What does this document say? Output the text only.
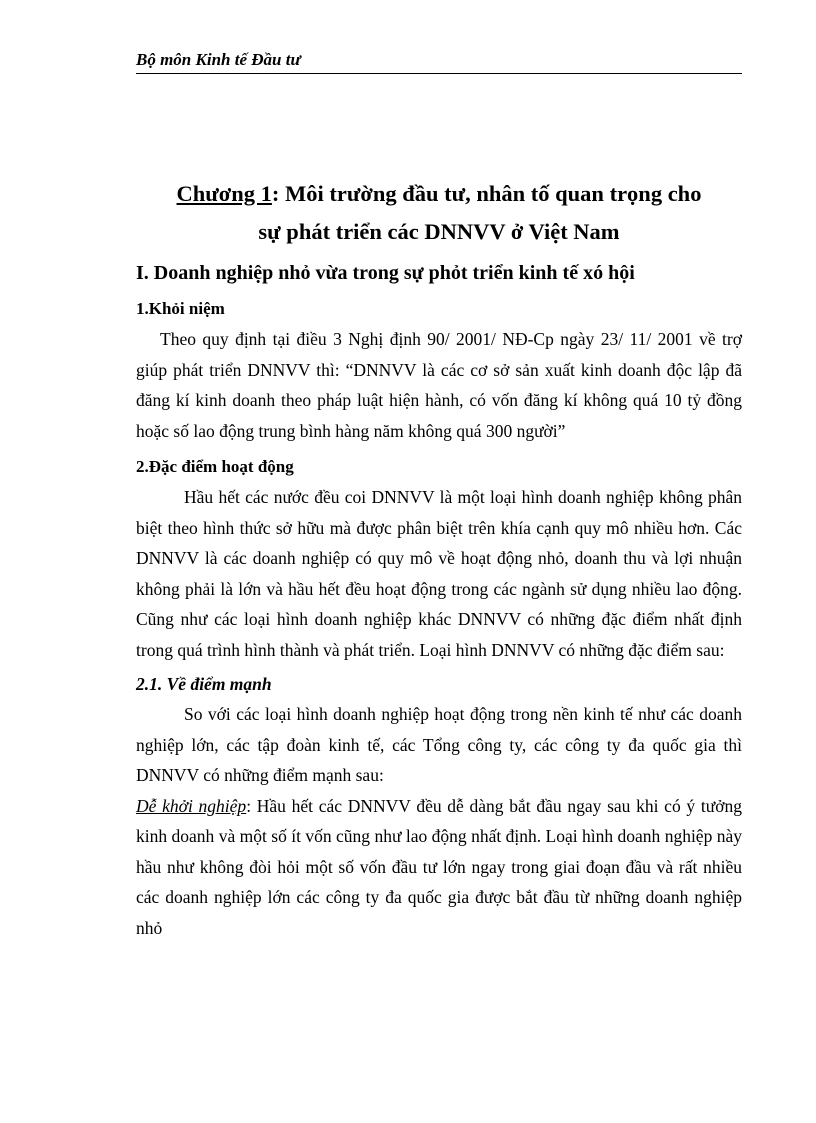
Bộ môn Kinh tế Đầu tư
Chương 1: Môi trường đầu tư, nhân tố quan trọng cho
sự phát triển các DNNVV ở Việt Nam
I. Doanh nghiệp nhỏ vừa trong sự phỏt triển kinh tế xó hội
1.Khỏi niệm

Theo quy định tại điều 3 Nghị định 90/ 2001/ NĐ-Cp ngày 23/ 11/ 2001 về trợ giúp phát triển DNNVV thì: “DNNVV là các cơ sở sản xuất kinh doanh độc lập đã đăng kí kinh doanh theo pháp luật hiện hành, có vốn đăng kí không quá 10 tỷ đồng hoặc số lao động trung bình hàng năm không quá 300 người”

2.Đặc điểm hoạt động

Hầu hết các nước đều coi DNNVV là một loại hình doanh nghiệp không phân biệt theo hình thức sở hữu mà được phân biệt trên khía cạnh quy mô nhiều hơn. Các DNNVV là các doanh nghiệp có quy mô về hoạt động nhỏ, doanh thu và lợi nhuận không phải là lớn và hầu hết đều hoạt động trong các ngành sử dụng nhiều lao động. Cũng như các loại hình doanh nghiệp khác DNNVV có những đặc điểm nhất định trong quá trình hình thành và phát triển. Loại hình DNNVV có những đặc điểm sau:

2.1. Về điểm mạnh

So với các loại hình doanh nghiệp hoạt động trong nền kinh tế như các doanh nghiệp lớn, các tập đoàn kinh tế, các Tổng công ty, các công ty đa quốc gia thì DNNVV có những điểm mạnh sau:

Dễ khởi nghiệp: Hầu hết các DNNVV đều dễ dàng bắt đầu ngay sau khi có ý tưởng kinh doanh và một số ít vốn cũng như lao động nhất định. Loại hình doanh nghiệp này hầu như không đòi hỏi một số vốn đầu tư lớn ngay trong giai đoạn đầu và rất nhiều các doanh nghiệp lớn các công ty đa quốc gia được bắt đầu từ những doanh nghiệp nhỏ
